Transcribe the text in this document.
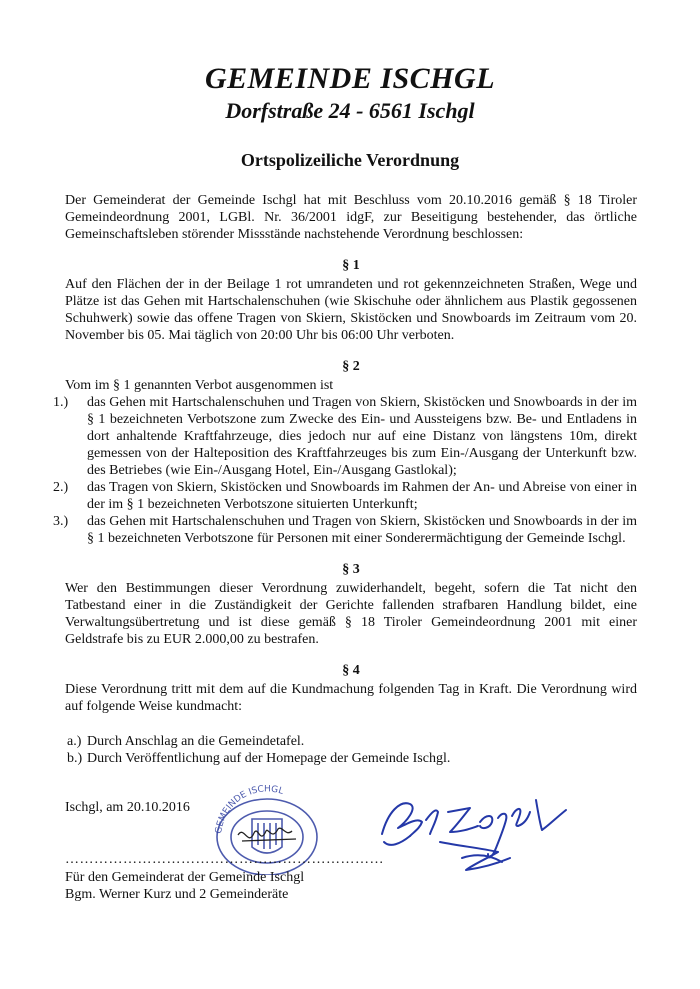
GEMEINDE ISCHGL
Dorfstraße 24 - 6561 Ischgl
Ortspolizeiliche Verordnung

Der Gemeinderat der Gemeinde Ischgl hat mit Beschluss vom 20.10.2016 gemäß § 18 Tiroler Gemeindeordnung 2001, LGBl. Nr. 36/2001 idgF, zur Beseitigung bestehender, das örtliche Gemeinschaftsleben störender Missstände nachstehende Verordnung beschlossen:

§ 1

Auf den Flächen der in der Beilage 1 rot umrandeten und rot gekennzeichneten Straßen, Wege und Plätze ist das Gehen mit Hartschalenschuhen (wie Skischuhe oder ähnlichem aus Plastik gegossenen Schuhwerk) sowie das offene Tragen von Skiern, Skistöcken und Snowboards im Zeitraum vom 20. November bis 05. Mai täglich von 20:00 Uhr bis 06:00 Uhr verboten.

§ 2

Vom im § 1 genannten Verbot ausgenommen ist

1.)	das Gehen mit Hartschalenschuhen und Tragen von Skiern, Skistöcken und Snowboards in der im § 1 bezeichneten Verbotszone zum Zwecke des Ein- und Aussteigens bzw. Be- und Entladens in dort anhaltende Kraftfahrzeuge, dies jedoch nur auf eine Distanz von längstens 10m, direkt gemessen von der Halteposition des Kraftfahrzeuges bis zum Ein-/Ausgang der Unterkunft bzw. des Betriebes (wie Ein-/Ausgang Hotel, Ein-/Ausgang Gastlokal);
2.)	das Tragen von Skiern, Skistöcken und Snowboards im Rahmen der An- und Abreise von einer in der im § 1 bezeichneten Verbotszone situierten Unterkunft;
3.)	das Gehen mit Hartschalenschuhen und Tragen von Skiern, Skistöcken und Snowboards in der im § 1 bezeichneten Verbotszone für Personen mit einer Sonderermächtigung der Gemeinde Ischgl.
§ 3

Wer den Bestimmungen dieser Verordnung zuwiderhandelt, begeht, sofern die Tat nicht den Tatbestand einer in die Zuständigkeit der Gerichte fallenden strafbaren Handlung bildet, eine Verwaltungsübertretung und ist diese gemäß § 18 Tiroler Gemeindeordnung 2001 mit einer Geldstrafe bis zu EUR 2.000,00 zu bestrafen.

§ 4

Diese Verordnung tritt mit dem auf die Kundmachung folgenden Tag in Kraft. Die Verordnung wird auf folgende Weise kundmacht:

a.) Durch Anschlag an die Gemeindetafel.
b.) Durch Veröffentlichung auf der Homepage der Gemeinde Ischgl.
Ischgl, am 20.10.2016
GEMEINDE ISCHGL
…………………………………………………………
Für den Gemeinderat der Gemeinde Ischgl
Bgm. Werner Kurz und 2 Gemeinderäte
